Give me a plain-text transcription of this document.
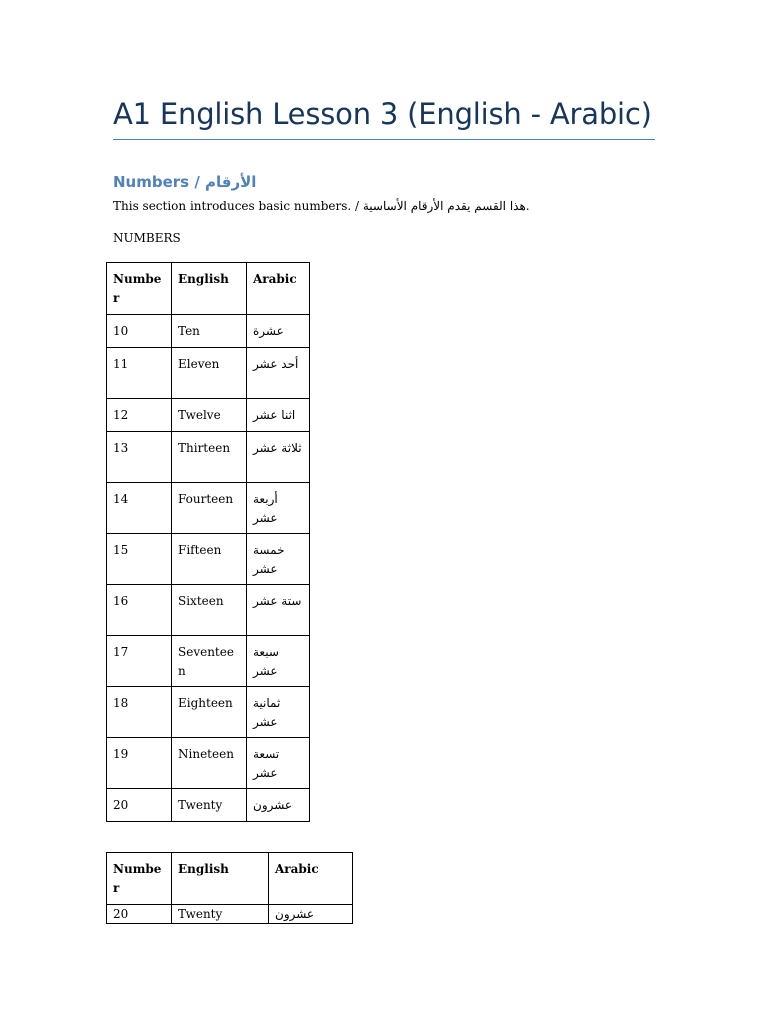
A1 English Lesson 3 (English - Arabic)
Numbers / الأرقام
This section introduces basic numbers. / هذا القسم يقدم الأرقام الأساسية.
NUMBERS
Number	English	Arabic
10	Ten	عشرة
11	Eleven	أحد عشر
12	Twelve	اثنا عشر
13	Thirteen	ثلاثة عشر
14	Fourteen	أربعة عشر
15	Fifteen	خمسة عشر
16	Sixteen	ستة عشر
17	Seventeen	سبعة عشر
18	Eighteen	ثمانية عشر
19	Nineteen	تسعة عشر
20	Twenty	عشرون
Number	English	Arabic
20	Twenty	عشرون
